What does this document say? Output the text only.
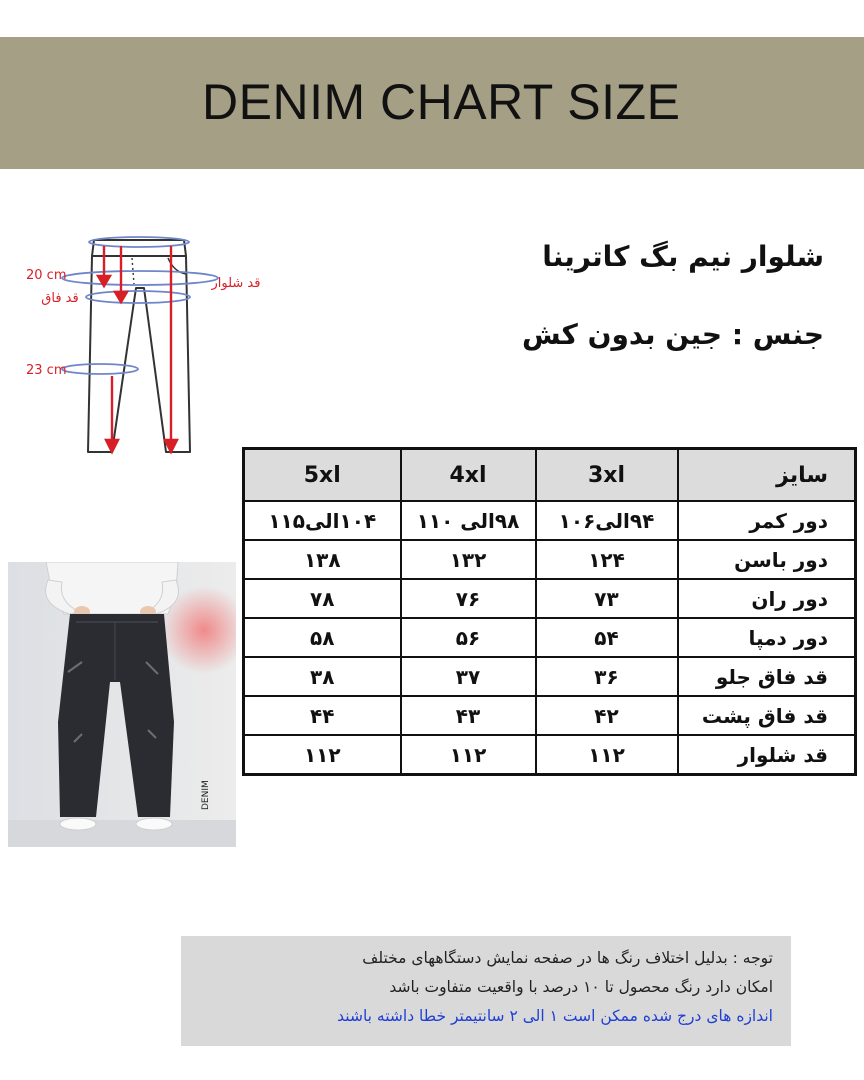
DENIM CHART SIZE
20 cm
قد فاق
قد شلوار
23 cm

شلوار نیم بگ کاترینا

جنس : جین بدون کش

5xl	4xl	3xl	سایز
۱۰۴الی۱۱۵	۹۸الی ۱۱۰	۹۴الی۱۰۶	دور کمر
۱۳۸	۱۳۲	۱۲۴	دور باسن
۷۸	۷۶	۷۳	دور ران
۵۸	۵۶	۵۴	دور دمپا
۳۸	۳۷	۳۶	قد فاق جلو
۴۴	۴۳	۴۲	قد فاق پشت
۱۱۲	۱۱۲	۱۱۲	قد شلوار
DENIM
توجه : بدلیل اختلاف رنگ ها در صفحه نمایش دستگاههای مختلف
امکان دارد رنگ محصول تا ۱۰ درصد با واقعیت متفاوت باشد
اندازه های درج شده ممکن است ۱ الی ۲ سانتیمتر خطا داشته باشند
